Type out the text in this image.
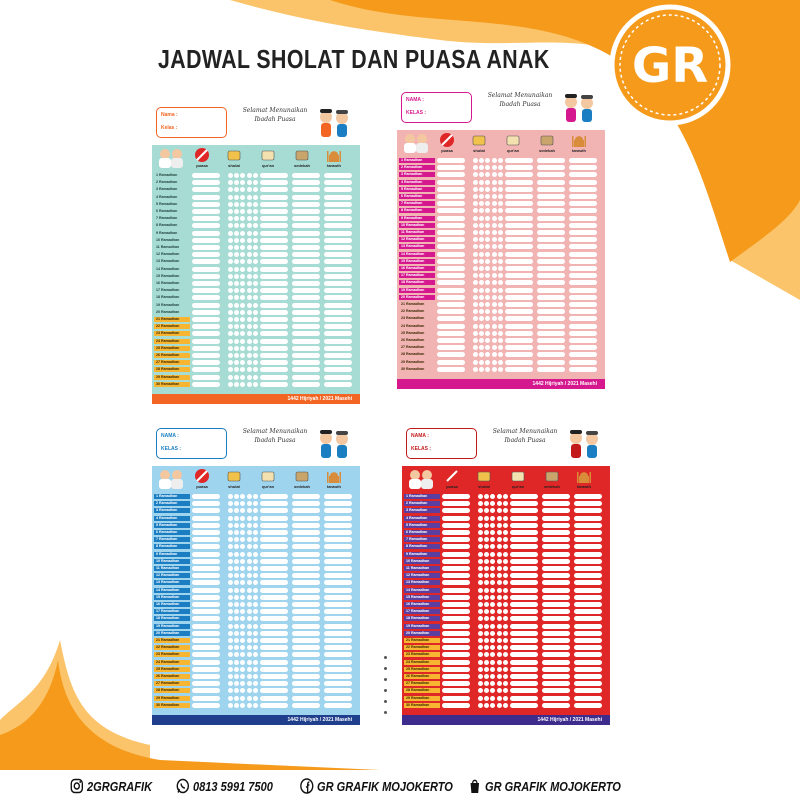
JADWAL SHOLAT DAN PUASA ANAK GR
Nama :
Kelas :
Selamat Menunaikan
Ibadah Puasa
puasa	sholat	qur'an	sedekah	tarawih
1 Ramadhan
2 Ramadhan
3 Ramadhan
4 Ramadhan
5 Ramadhan
6 Ramadhan
7 Ramadhan
8 Ramadhan
9 Ramadhan
10 Ramadhan
11 Ramadhan
12 Ramadhan
13 Ramadhan
14 Ramadhan
15 Ramadhan
16 Ramadhan
17 Ramadhan
18 Ramadhan
19 Ramadhan
20 Ramadhan
21 Ramadhan
22 Ramadhan
23 Ramadhan
24 Ramadhan
25 Ramadhan
26 Ramadhan
27 Ramadhan
28 Ramadhan
29 Ramadhan
30 Ramadhan
1442 Hijriyah / 2021 Masehi
NAMA :
KELAS :
Selamat Menunaikan
Ibadah Puasa
puasa	sholat	qur'an	sedekah	tarawih
1 Ramadhan
2 Ramadhan
3 Ramadhan
4 Ramadhan
5 Ramadhan
6 Ramadhan
7 Ramadhan
8 Ramadhan
9 Ramadhan
10 Ramadhan
11 Ramadhan
12 Ramadhan
13 Ramadhan
14 Ramadhan
15 Ramadhan
16 Ramadhan
17 Ramadhan
18 Ramadhan
19 Ramadhan
20 Ramadhan
21 Ramadhan
22 Ramadhan
23 Ramadhan
24 Ramadhan
25 Ramadhan
26 Ramadhan
27 Ramadhan
28 Ramadhan
29 Ramadhan
30 Ramadhan
1442 Hijriyah / 2021 Masehi
NAMA :
KELAS :
Selamat Menunaikan
Ibadah Puasa
puasa	sholat	qur'an	sedekah	tarawih
1 Ramadhan
2 Ramadhan
3 Ramadhan
4 Ramadhan
5 Ramadhan
6 Ramadhan
7 Ramadhan
8 Ramadhan
9 Ramadhan
10 Ramadhan
11 Ramadhan
12 Ramadhan
13 Ramadhan
14 Ramadhan
15 Ramadhan
16 Ramadhan
17 Ramadhan
18 Ramadhan
19 Ramadhan
20 Ramadhan
21 Ramadhan
22 Ramadhan
23 Ramadhan
24 Ramadhan
25 Ramadhan
26 Ramadhan
27 Ramadhan
28 Ramadhan
29 Ramadhan
30 Ramadhan
1442 Hijriyah / 2021 Masehi
NAMA :
KELAS :
Selamat Menunaikan
Ibadah Puasa
puasa	sholat	qur'an	sedekah	tarawih
1 Ramadhan
2 Ramadhan
3 Ramadhan
4 Ramadhan
5 Ramadhan
6 Ramadhan
7 Ramadhan
8 Ramadhan
9 Ramadhan
10 Ramadhan
11 Ramadhan
12 Ramadhan
13 Ramadhan
14 Ramadhan
15 Ramadhan
16 Ramadhan
17 Ramadhan
18 Ramadhan
19 Ramadhan
20 Ramadhan
21 Ramadhan
22 Ramadhan
23 Ramadhan
24 Ramadhan
25 Ramadhan
26 Ramadhan
27 Ramadhan
28 Ramadhan
29 Ramadhan
30 Ramadhan
1442 Hijriyah / 2021 Masehi
2GRGRAFIK	0813 5991 7500	GR GRAFIK MOJOKERTO GR GRAFIK MOJOKERTO
